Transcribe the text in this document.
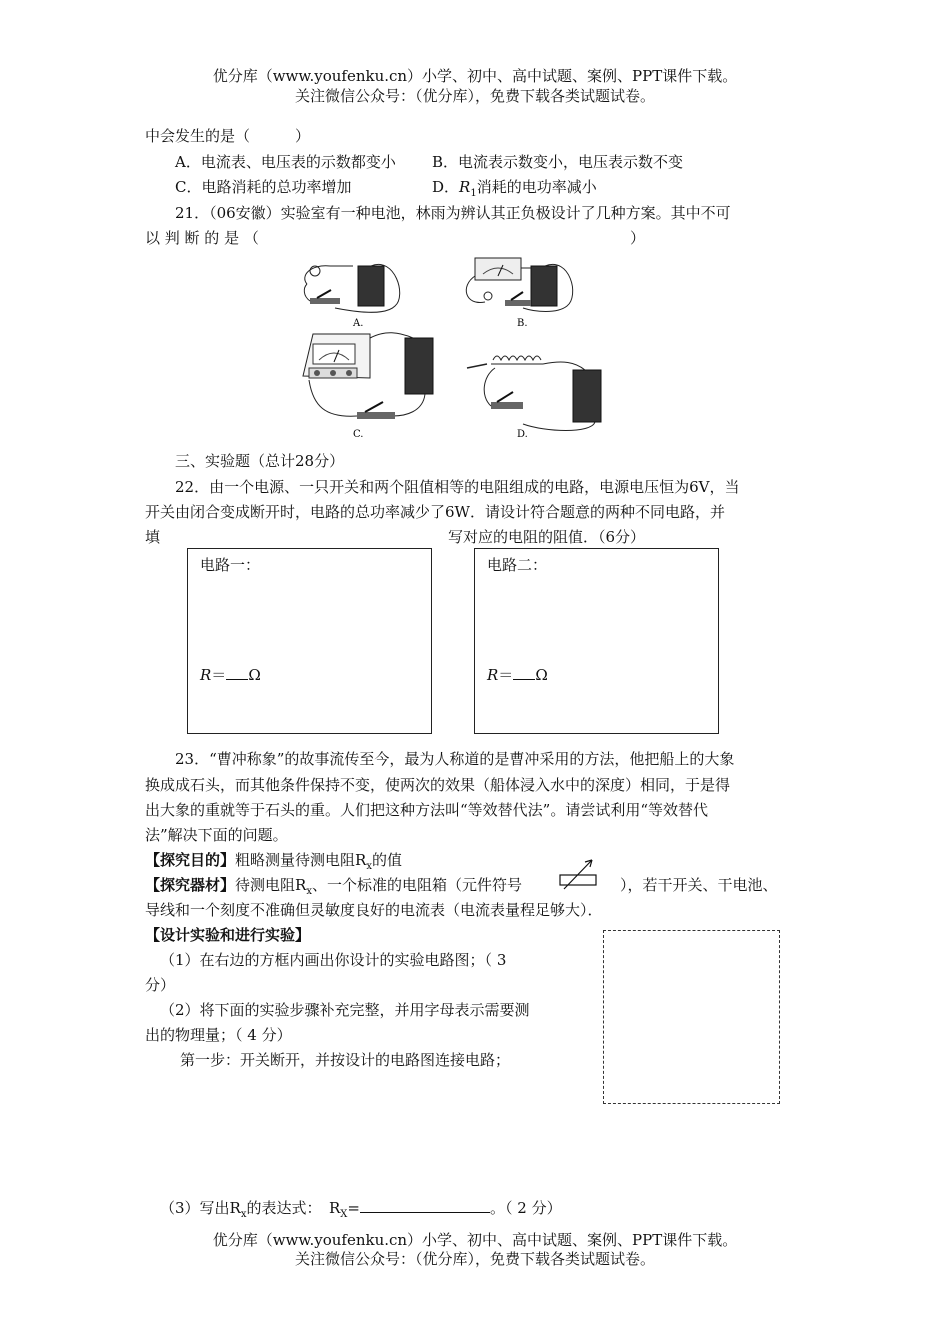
优分库（www.youfenku.cn）小学、初中、高中试题、案例、PPT课件下载。
关注微信公众号：（优分库），免费下载各类试题试卷。
中会发生的是（　　　）
A．电流表、电压表的示数都变小 B．电流表示数变小，电压表示数不变
C．电路消耗的总功率增加	D．$R_1$消耗的电功率减小
21．（06安徽）实验室有一种电池，林雨为辨认其正负极设计了几种方案。其中不可
以 判 断 的 是 （	）
A.	B.
C.	D.
三、实验题（总计28分）
22．由一个电源、一只开关和两个阻值相等的电阻组成的电路，电源电压恒为6V，当
开关由闭合变成断开时，电路的总功率减少了6W．请设计符合题意的两种不同电路，并
填	写对应的电阻的阻值．（6分）
电路一：
R＝ Ω
电路二：
R＝ Ω
23．“曹冲称象”的故事流传至今，最为人称道的是曹冲采用的方法，他把船上的大象
换成成石头，而其他条件保持不变，使两次的效果（船体浸入水中的深度）相同，于是得
出大象的重就等于石头的重。人们把这种方法叫“等效替代法”。请尝试利用“等效替代
法”解决下面的问题。
【探究目的】粗略测量待测电阻$R_x$的值
【探究器材】待测电阻$R_x$、一个标准的电阻箱（元件符号	），若干开关、干电池、
导线和一个刻度不准确但灵敏度良好的电流表（电流表量程足够大）．
【设计实验和进行实验】
（1）在右边的方框内画出你设计的实验电路图；（ 3
分）
（2）将下面的实验步骤补充完整，并用字母表示需要测
出的物理量；（ 4 分）
第一步：开关断开，并按设计的电路图连接电路；
（3）写出$R_x$的表达式：　$R_X=$	。（ 2 分）
优分库（www.youfenku.cn）小学、初中、高中试题、案例、PPT课件下载。
关注微信公众号：（优分库），免费下载各类试题试卷。
